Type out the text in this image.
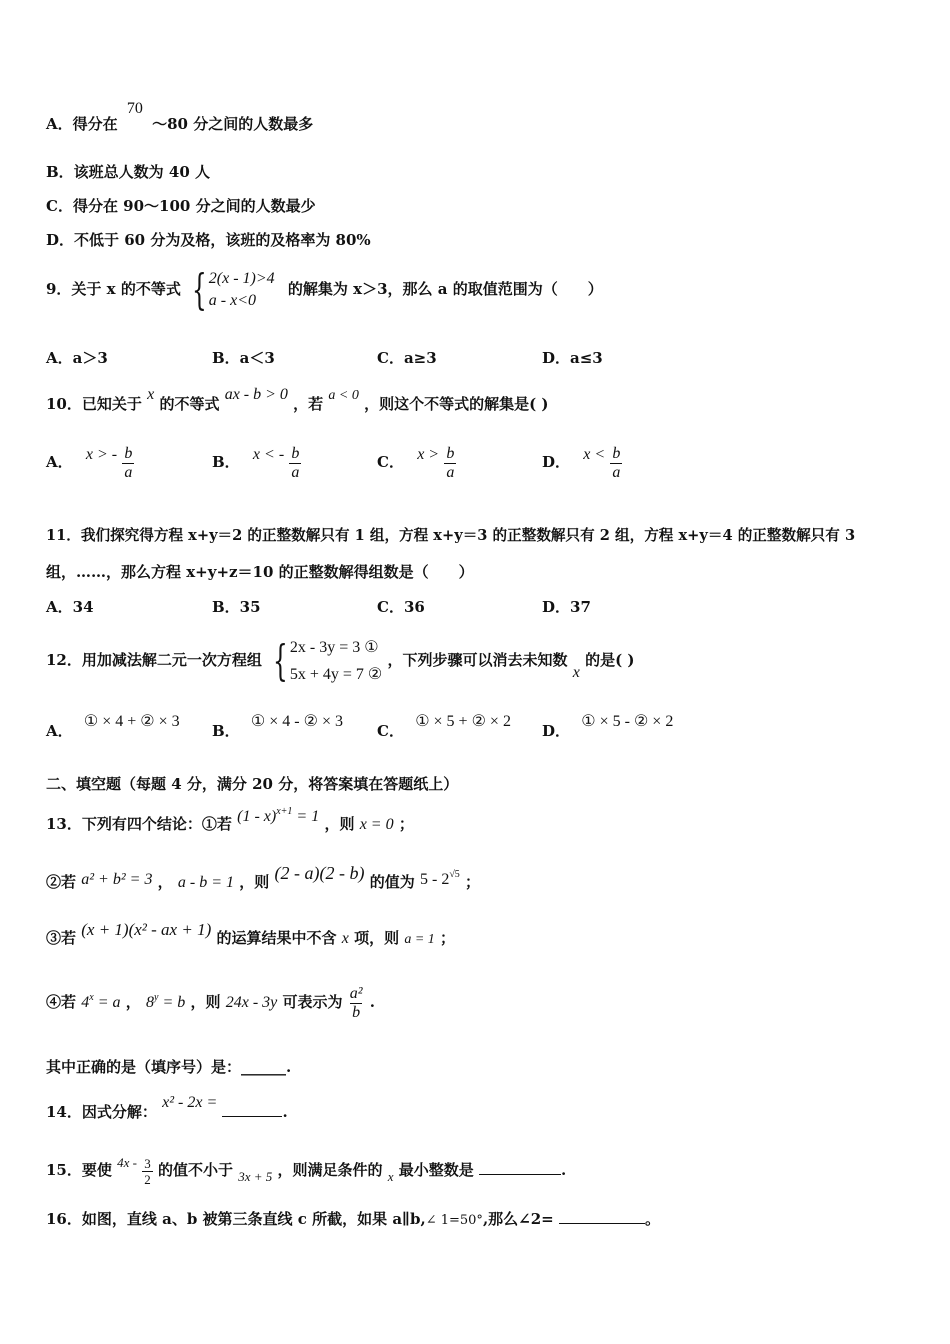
A．得分在 70 ～80 分之间的人数最多
B．该班总人数为 40 人
C．得分在 90～100 分之间的人数最少
D．不低于 60 分为及格，该班的及格率为 80%
9．关于 x 的不等式 { 2(x - 1)>4
a - x<0
的解集为 x＞3，那么 a 的取值范围为（　　）
A．a＞3	B．a＜3	C．a≥3	D．a≤3
10．已知关于 x 的不等式 ax - b > 0 ，若 a < 0 ，则这个不等式的解集是( )
A． x > - $\frac{b}{a}$	B． x < - $\frac{b}{a}$	C． $x > \frac{b}{a}$	D． $x < \frac{b}{a}$
11．我们探究得方程 x+y＝2 的正整数解只有 1 组，方程 x+y＝3 的正整数解只有 2 组，方程 x+y＝4 的正整数解只有 3
组，……，那么方程 x+y+z＝10 的正整数解得组数是（　　）
A．34	B．35	C．36	D．37
12．用加减法解二元一次方程组 { 2x - 3y = 3 ①
5x + 4y = 7 ②
，下列步骤可以消去未知数 x 的是( )
A． ① × 4 + ② × 3
B． ① × 4 - ② × 3
C． ① × 5 + ② × 2
D． ① × 5 - ② × 2
二、填空题（每题 4 分，满分 20 分，将答案填在答题纸上）
13．下列有四个结论：①若 (1 - x)$^{x+1}$ = 1 ，则 x = 0 ；
②若 a² + b² = 3 ， a - b = 1 ，则 (2 - a)(2 - b) 的值为 $5 - 2^{√5}$ ；
③若 (x + 1)(x² - ax + 1) 的运算结果中不含 x 项，则 a = 1 ；
④若 $4^x = a$ ， $8^y = b$ ，则 24x - 3y 可表示为 $\frac{\text{a²}}{b}$ .
其中正确的是（填序号）是：______.
14．因式分解： x² - 2x = .
15．要使 $4x - \frac{3}{2}$ 的值不小于 3x + 5 ，则满足条件的 x 最小整数是	.
16．如图，直线 a、b 被第三条直线 c 所截，如果 a∥b,∠ 1=50°,那么∠2=	。
